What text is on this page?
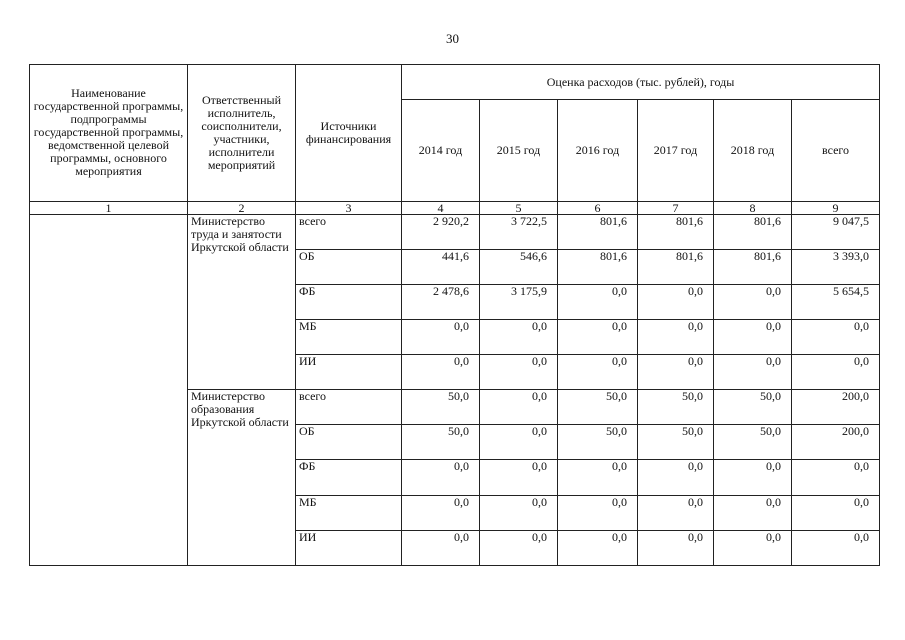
30
Наименование государственной программы, подпрограммы государственной программы, ведомственной целевой программы, основного мероприятия	Ответственный исполнитель, соисполнители, участники, исполнители мероприятий	Источники финансирования	Оценка расходов (тыс. рублей), годы					
			2014 год	2015 год	2016 год	2017 год	2018 год	всего
1	2	3	4	5	6	7	8	9
	Министерство труда и занятости Иркутской области	всего	2 920,2	3 722,5	801,6	801,6	801,6	9 047,5
		ОБ	441,6	546,6	801,6	801,6	801,6	3 393,0
		ФБ	2 478,6	3 175,9	0,0	0,0	0,0	5 654,5
		МБ	0,0	0,0	0,0	0,0	0,0	0,0
		ИИ	0,0	0,0	0,0	0,0	0,0	0,0
	Министерство образования Иркутской области	всего	50,0	0,0	50,0	50,0	50,0	200,0
		ОБ	50,0	0,0	50,0	50,0	50,0	200,0
		ФБ	0,0	0,0	0,0	0,0	0,0	0,0
		МБ	0,0	0,0	0,0	0,0	0,0	0,0
		ИИ	0,0	0,0	0,0	0,0	0,0	0,0
